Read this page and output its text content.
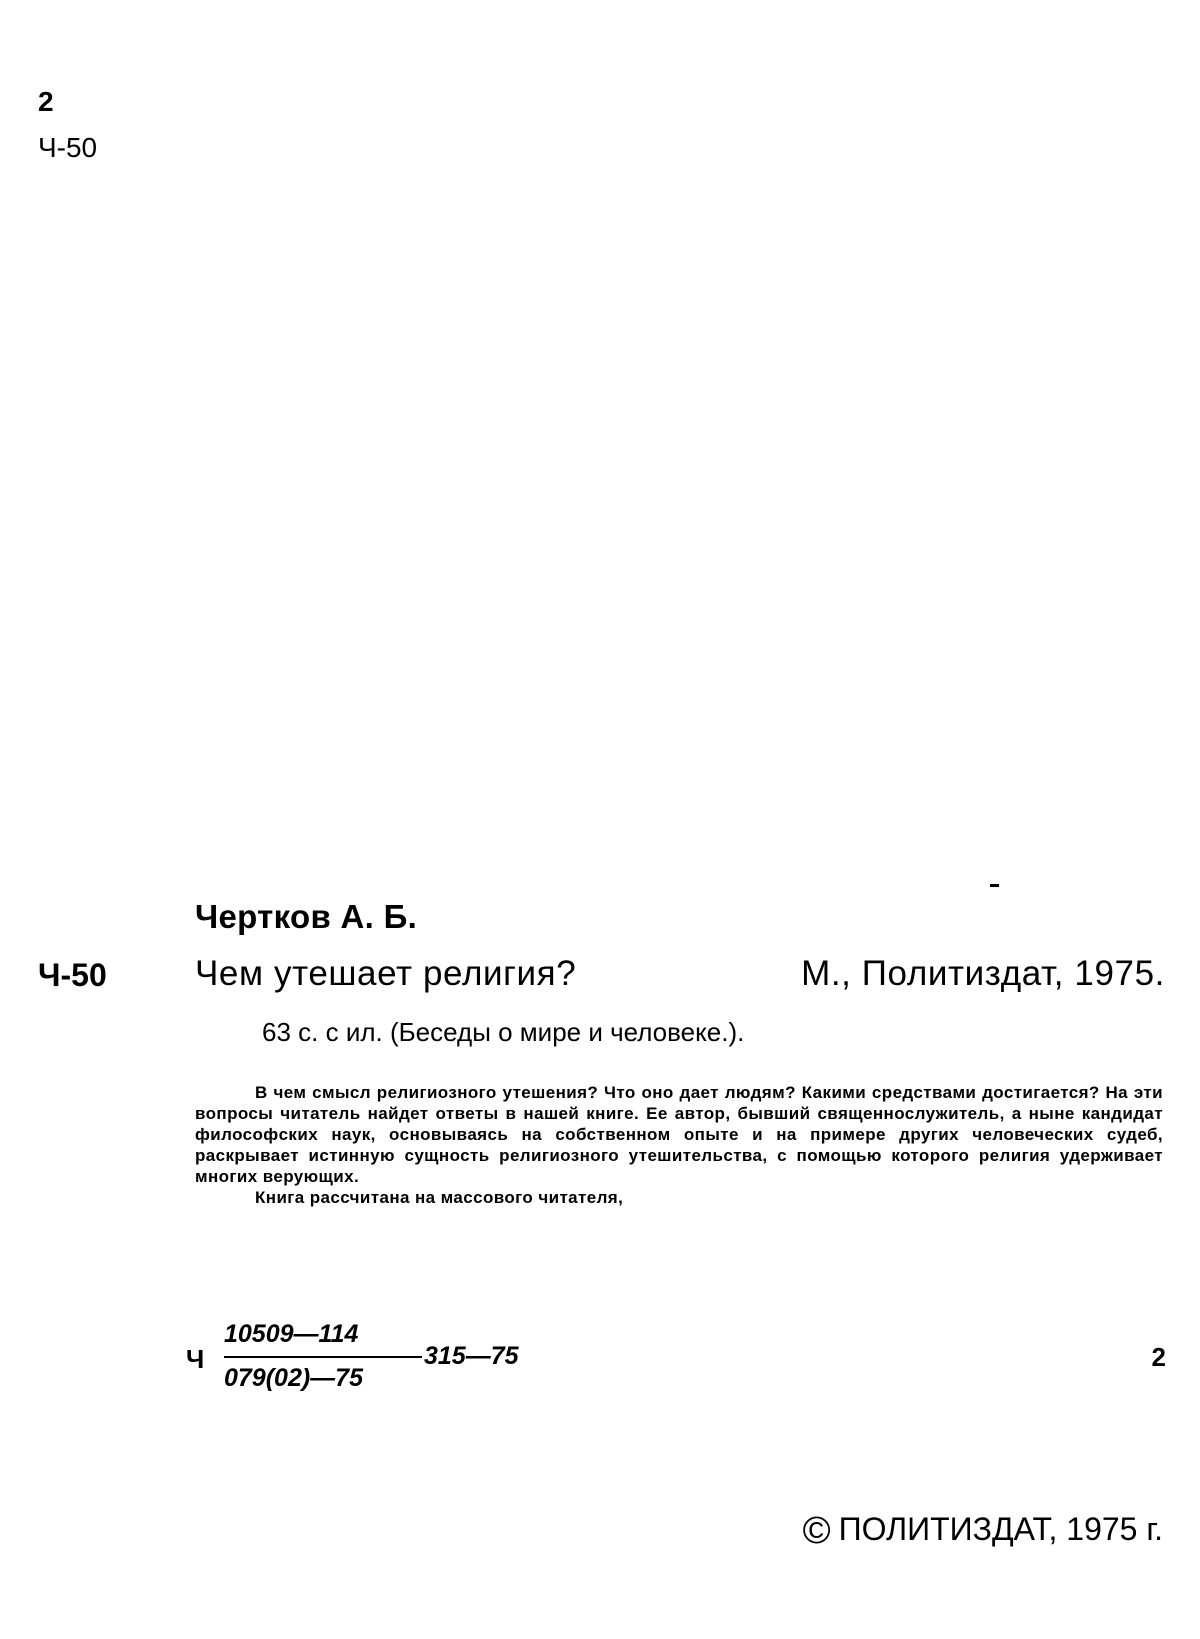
2
Ч-50
Чертков А. Б.
Ч-50	Чем утешает религия?	М., Политиздат, 1975.
63 с. с ил. (Беседы о мире и человеке.).

В чем смысл религиозного утешения? Что оно дает людям? Какими средствами достигается? На эти вопросы читатель найдет ответы в нашей книге. Ее автор, бывший священнослужитель, а ныне кандидат философских наук, основываясь на собственном опыте и на примере других человеческих судеб, раскрывает истинную сущность религиозного утешительства, с помощью которого религия удерживает многих верующих.

Книга рассчитана на массового читателя,

Ч
10509—114
079(02)—75
315—75	2
© ПОЛИТИЗДАТ, 1975 г.
